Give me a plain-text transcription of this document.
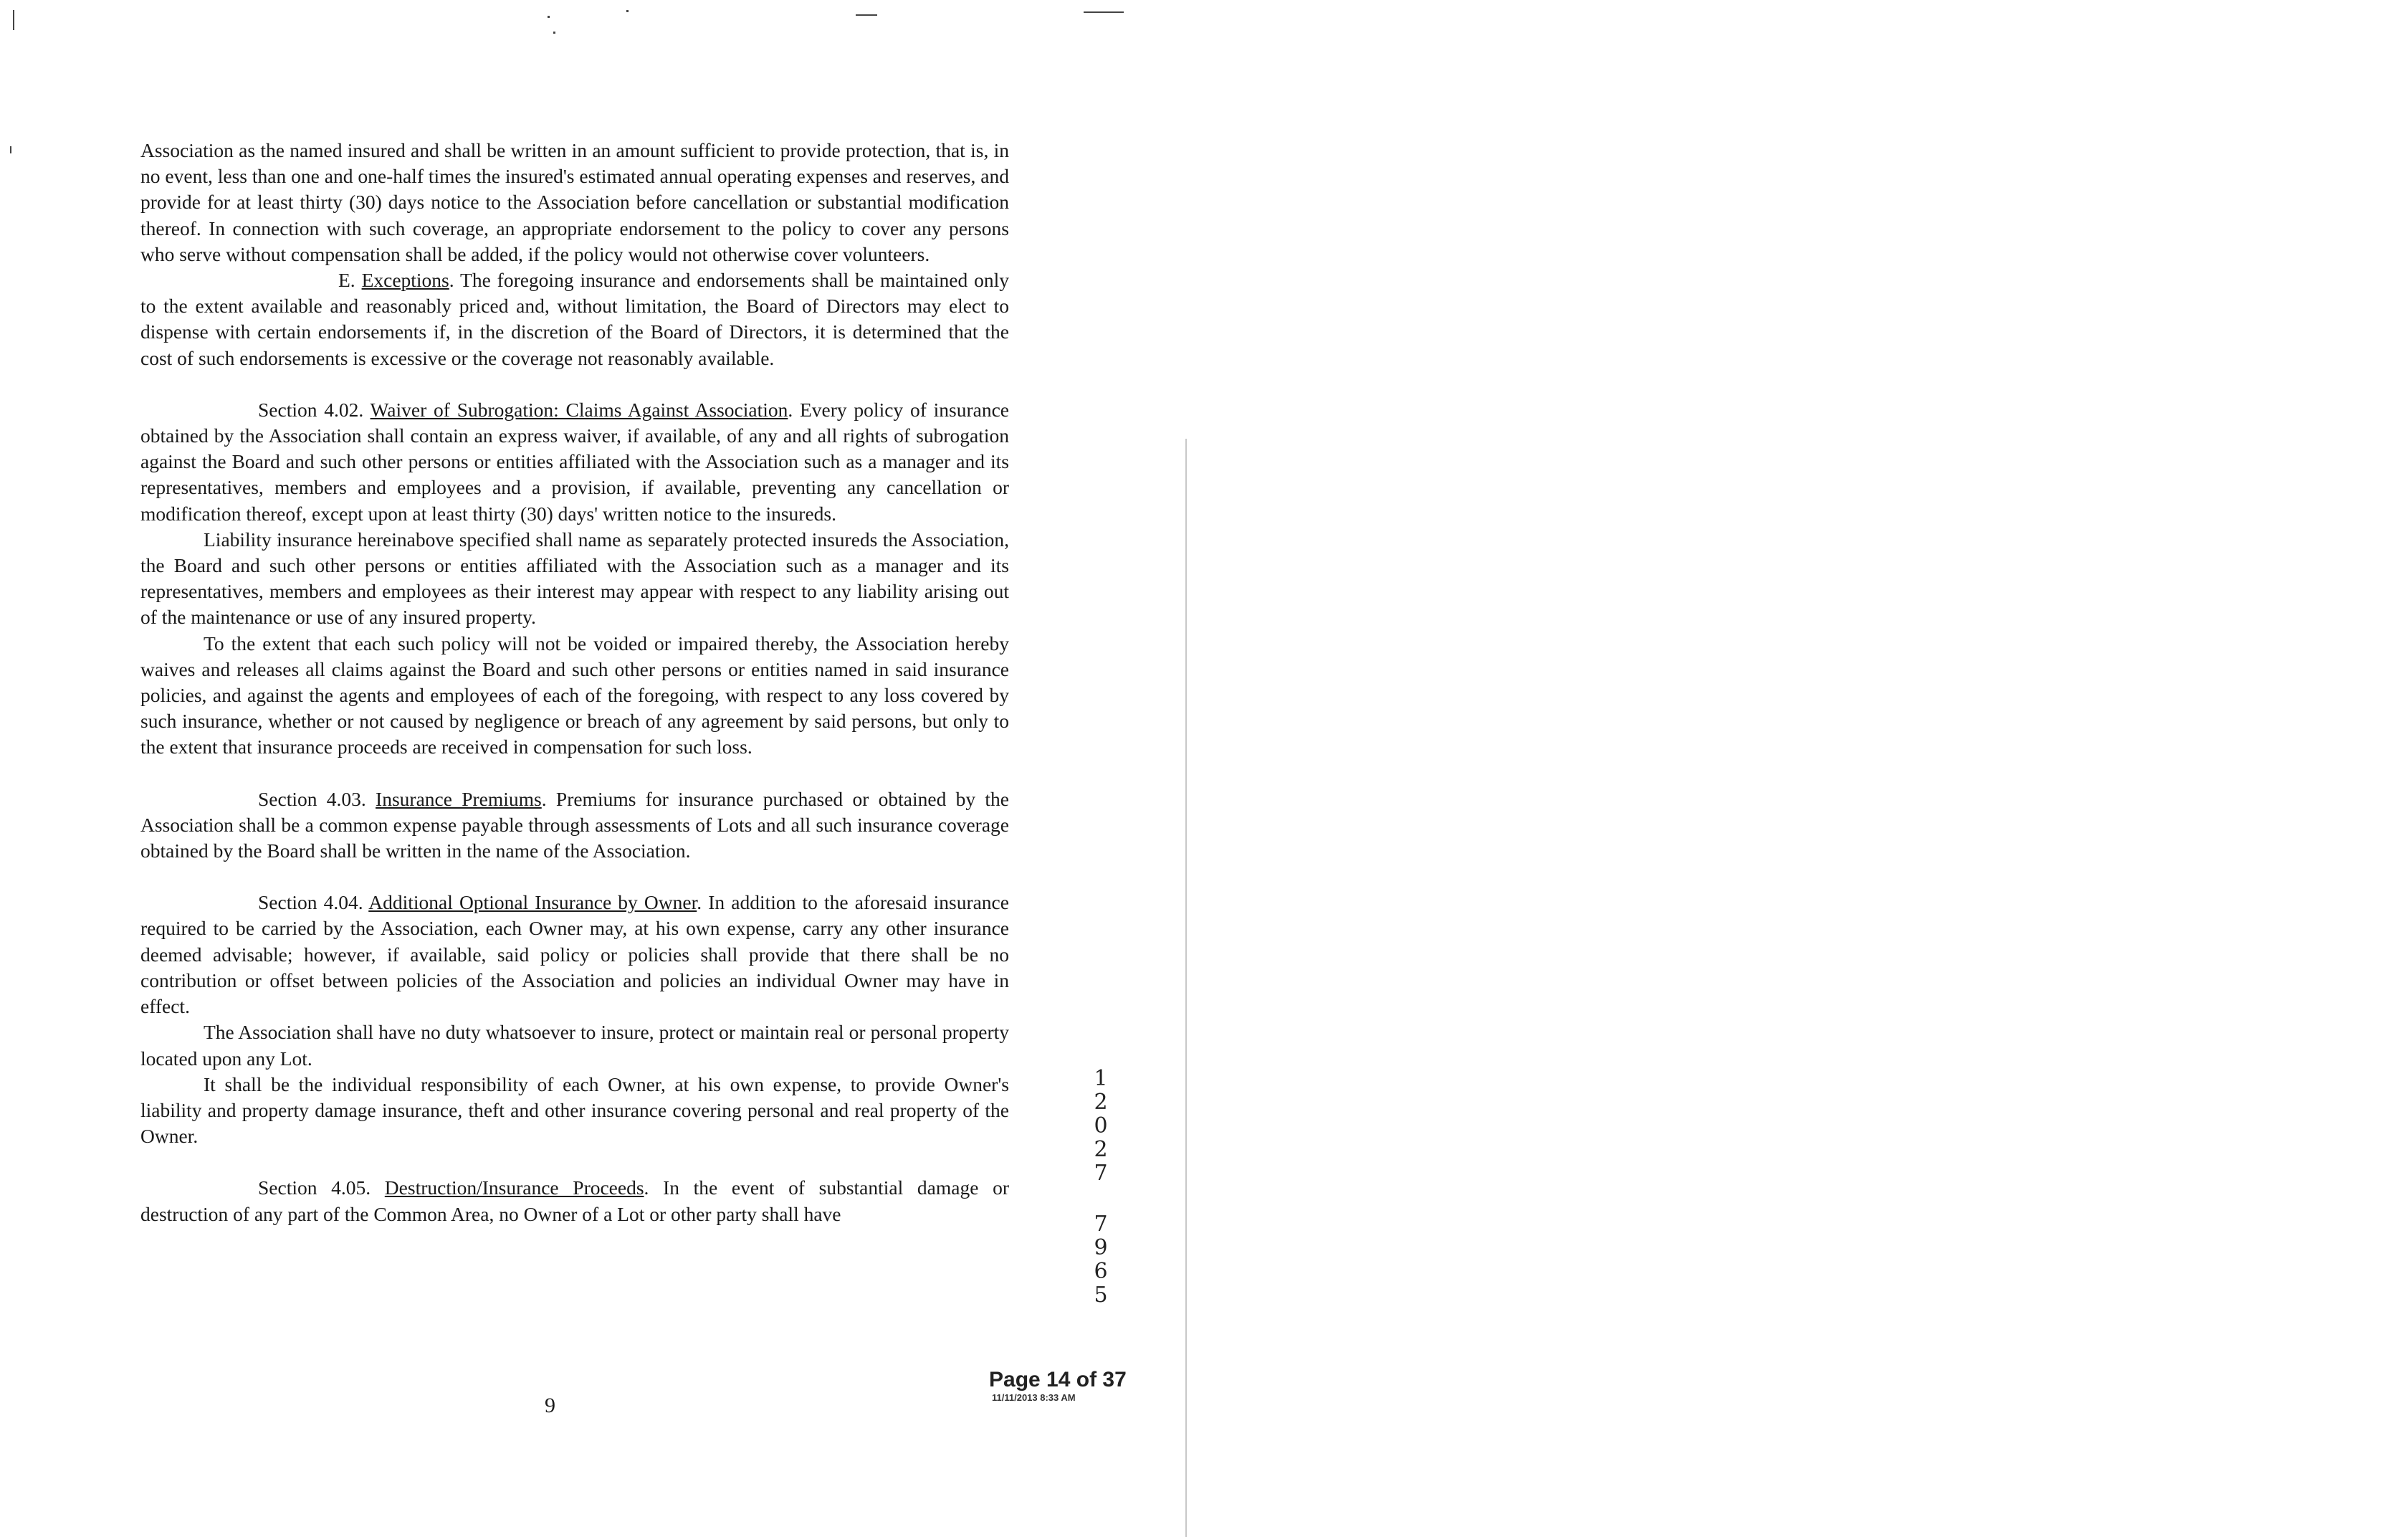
Association as the named insured and shall be written in an amount sufficient to provide protection, that is, in no event, less than one and one-half times the insured's estimated annual operating expenses and reserves, and provide for at least thirty (30) days notice to the Association before cancellation or substantial modification thereof. In connection with such coverage, an appropriate endorsement to the policy to cover any persons who serve without compensation shall be added, if the policy would not otherwise cover volunteers.

E. Exceptions. The foregoing insurance and endorsements shall be maintained only to the extent available and reasonably priced and, without limitation, the Board of Directors may elect to dispense with certain endorsements if, in the discretion of the Board of Directors, it is determined that the cost of such endorsements is excessive or the coverage not reasonably available.

Section 4.02. Waiver of Subrogation: Claims Against Association. Every policy of insurance obtained by the Association shall contain an express waiver, if available, of any and all rights of subrogation against the Board and such other persons or entities affiliated with the Association such as a manager and its representatives, members and employees and a provision, if available, preventing any cancellation or modification thereof, except upon at least thirty (30) days' written notice to the insureds.

Liability insurance hereinabove specified shall name as separately protected insureds the Association, the Board and such other persons or entities affiliated with the Association such as a manager and its representatives, members and employees as their interest may appear with respect to any liability arising out of the maintenance or use of any insured property.

To the extent that each such policy will not be voided or impaired thereby, the Association hereby waives and releases all claims against the Board and such other persons or entities named in said insurance policies, and against the agents and employees of each of the foregoing, with respect to any loss covered by such insurance, whether or not caused by negligence or breach of any agreement by said persons, but only to the extent that insurance proceeds are received in compensation for such loss.

Section 4.03. Insurance Premiums. Premiums for insurance purchased or obtained by the Association shall be a common expense payable through assessments of Lots and all such insurance coverage obtained by the Board shall be written in the name of the Association.

Section 4.04. Additional Optional Insurance by Owner. In addition to the aforesaid insurance required to be carried by the Association, each Owner may, at his own expense, carry any other insurance deemed advisable; however, if available, said policy or policies shall provide that there shall be no contribution or offset between policies of the Association and policies an individual Owner may have in effect.

The Association shall have no duty whatsoever to insure, protect or maintain real or personal property located upon any Lot.

It shall be the individual responsibility of each Owner, at his own expense, to provide Owner's liability and property damage insurance, theft and other insurance covering personal and real property of the Owner.

Section 4.05. Destruction/Insurance Proceeds. In the event of substantial damage or destruction of any part of the Common Area, no Owner of a Lot or other party shall have

1
2
0
2
7
7
9
6
5
9
Page 14 of 37
11/11/2013 8:33 AM
